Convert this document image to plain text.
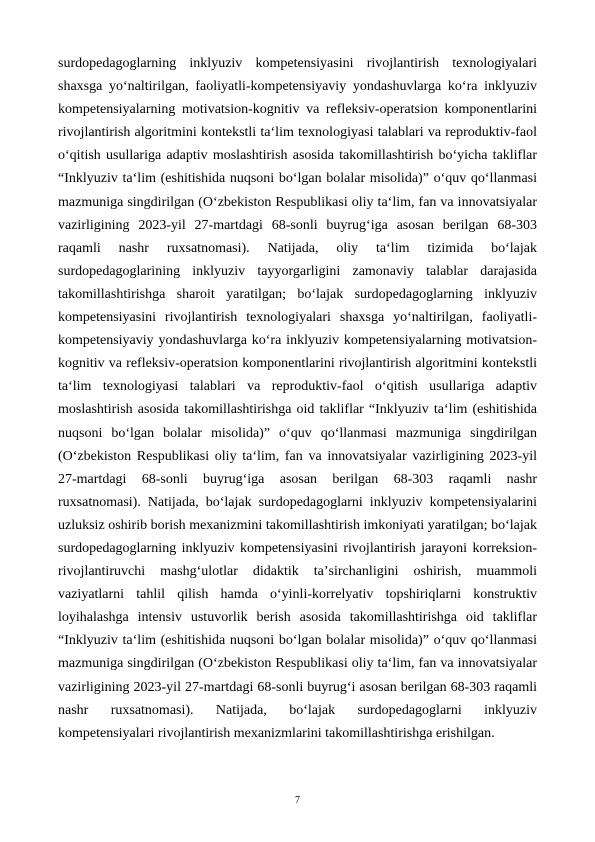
surdopedagoglarning inklyuziv kompetensiyasini rivojlantirish texnologiyalari shaxsga yoʻnaltirilgan, faoliyatli-kompetensiyaviy yondashuvlarga koʻra inklyuziv kompetensiyalarning motivatsion-kognitiv va refleksiv-operatsion komponentlarini rivojlantirish algoritmini kontekstli taʻlim texnologiyasi talablari va reproduktiv-faol oʻqitish usullariga adaptiv moslashtirish asosida takomillashtirish boʻyicha takliflar “Inklyuziv taʻlim (eshitishida nuqsoni boʻlgan bolalar misolida)” oʻquv qoʻllanmasi mazmuniga singdirilgan (Oʻzbekiston Respublikasi oliy taʻlim, fan va innovatsiyalar vazirligining 2023-yil 27-martdagi 68-sonli buyrugʻiga asosan berilgan 68-303 raqamli nashr ruxsatnomasi). Natijada, oliy taʻlim tizimida boʻlajak surdopedagoglarining inklyuziv tayyorgarligini zamonaviy talablar darajasida takomillashtirishga sharoit yaratilgan; boʻlajak surdopedagoglarning inklyuziv kompetensiyasini rivojlantirish texnologiyalari shaxsga yoʻnaltirilgan, faoliyatli-kompetensiyaviy yondashuvlarga koʻra inklyuziv kompetensiyalarning motivatsion-kognitiv va refleksiv-operatsion komponentlarini rivojlantirish algoritmini kontekstli taʻlim texnologiyasi talablari va reproduktiv-faol oʻqitish usullariga adaptiv moslashtirish asosida takomillashtirishga oid takliflar “Inklyuziv taʻlim (eshitishida nuqsoni boʻlgan bolalar misolida)” oʻquv qoʻllanmasi mazmuniga singdirilgan (Oʻzbekiston Respublikasi oliy taʻlim, fan va innovatsiyalar vazirligining 2023-yil 27-martdagi 68-sonli buyrugʻiga asosan berilgan 68-303 raqamli nashr ruxsatnomasi). Natijada, boʻlajak surdopedagoglarni inklyuziv kompetensiyalarini uzluksiz oshirib borish mexanizmini takomillashtirish imkoniyati yaratilgan; boʻlajak surdopedagoglarning inklyuziv kompetensiyasini rivojlantirish jarayoni korreksion-rivojlantiruvchi mashgʻulotlar didaktik taʼsirchanligini oshirish, muammoli vaziyatlarni tahlil qilish hamda oʻyinli-korrelyativ topshiriqlarni konstruktiv loyihalashga intensiv ustuvorlik berish asosida takomillashtirishga oid takliflar “Inklyuziv taʻlim (eshitishida nuqsoni boʻlgan bolalar misolida)” oʻquv qoʻllanmasi mazmuniga singdirilgan (Oʻzbekiston Respublikasi oliy taʻlim, fan va innovatsiyalar vazirligining 2023-yil 27-martdagi 68-sonli buyrugʻi asosan berilgan 68-303 raqamli nashr ruxsatnomasi). Natijada, boʻlajak surdopedagoglarni inklyuziv kompetensiyalari rivojlantirish mexanizmlarini takomillashtirishga erishilgan.

7
